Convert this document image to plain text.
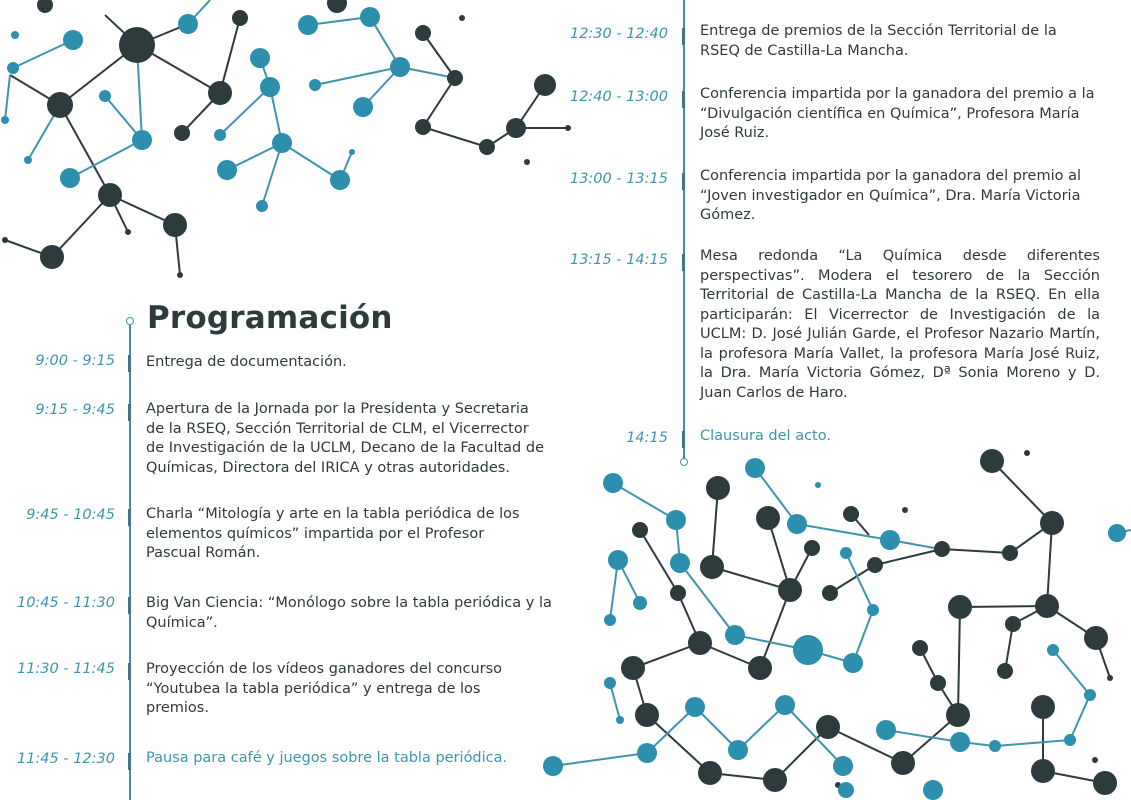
Programación
9:00 - 9:15 Entrega de documentación.
9:15 - 9:45 Apertura de la Jornada por la Presidenta y Secretaria de la RSEQ, Sección Territorial de CLM, el Vicerrector de Investigación de la UCLM, Decano de la Facultad de Químicas, Directora del IRICA y otras autoridades.
9:45 - 10:45 Charla “Mitología y arte en la tabla periódica de los elementos químicos” impartida por el Profesor Pascual Román.
10:45 - 11:30 Big Van Ciencia: “Monólogo sobre la tabla periódica y la Química”.
11:30 - 11:45 Proyección de los vídeos ganadores del concurso “Youtubea la tabla periódica” y entrega de los premios.
11:45 - 12:30 Pausa para café y juegos sobre la tabla periódica.
12:30 - 12:40 Entrega de premios de la Sección Territorial de la RSEQ de Castilla-La Mancha.
12:40 - 13:00 Conferencia impartida por la ganadora del premio a la “Divulgación científica en Química”, Profesora María José Ruiz.
13:00 - 13:15 Conferencia impartida por la ganadora del premio al “Joven investigador en Química”, Dra. María Victoria Gómez.
13:15 - 14:15 Mesa redonda “La Química desde diferentes perspectivas”. Modera el tesorero de la Sección Territorial de Castilla-La Mancha de la RSEQ. En ella participarán: El Vicerrector de Investigación de la UCLM: D. José Julián Garde, el Profesor Nazario Martín, la profesora María Vallet, la profesora María José Ruiz, la Dra. María Victoria Gómez, Dª Sonia Moreno y D. Juan Carlos de Haro.
14:15 Clausura del acto.
